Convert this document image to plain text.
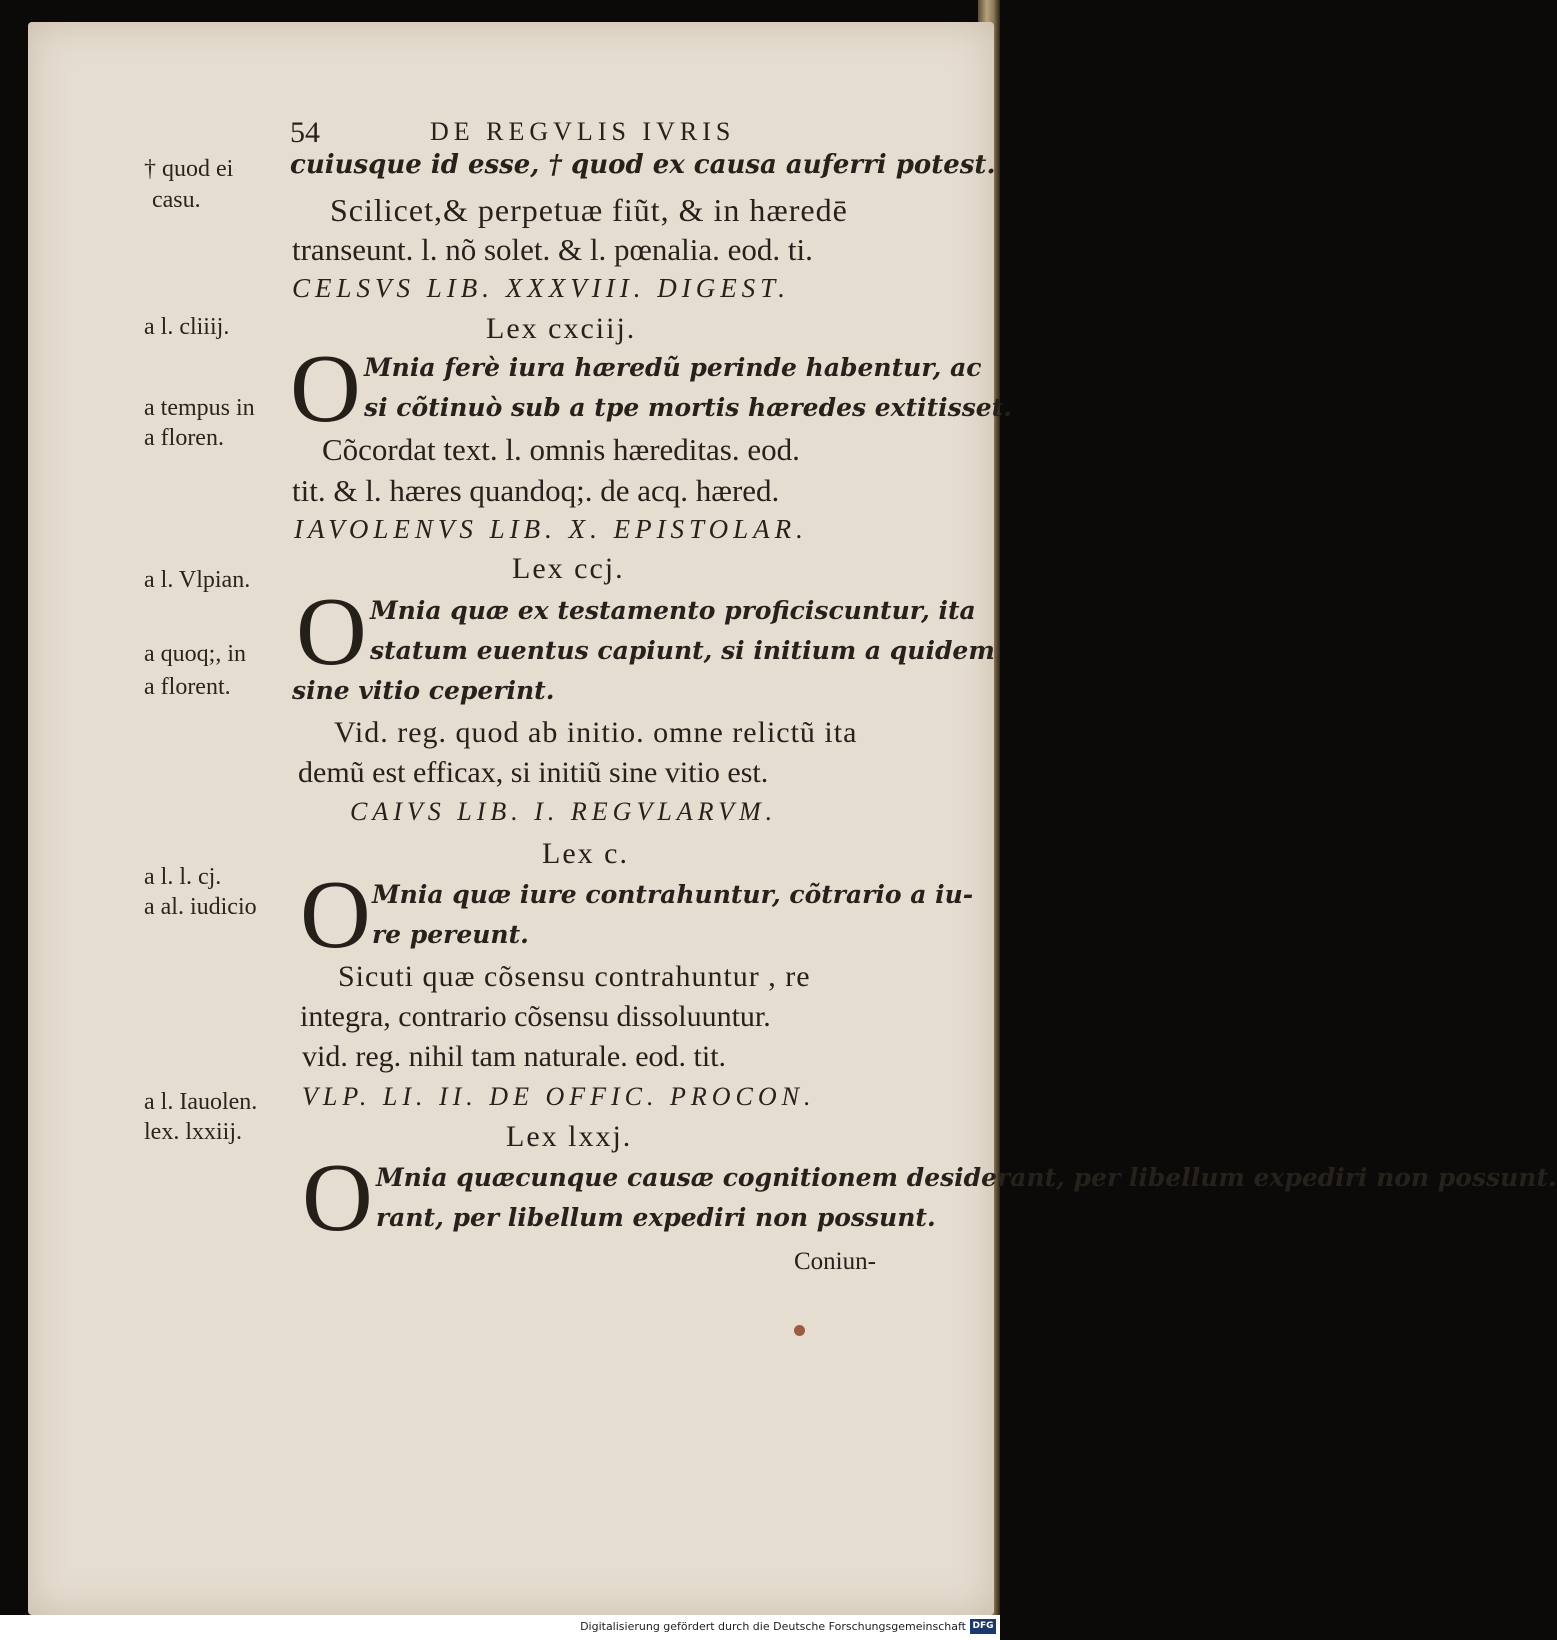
54	DE REGVLIS IVRIS
† quod ei
casu.
a l. cliiij.
a tempus in
a floren.
a l. Vlpian.
a quoq;, in
a florent.
a l. l. cj.
a al. iudicio
a l. Iauolen.
lex. lxxiij.
cuiusque id esse, † quod ex causa auferri potest.
Scilicet,& perpetuæ fiũt, & in hæredē
transeunt. l. nõ solet. & l. pœnalia. eod. ti.
CELSVS LIB. XXXVIII. DIGEST.
Lex cxciij.
O Mnia ferè iura hæredũ perinde habentur, ac
si cõtinuò sub a tpe mortis hæredes extitisset.
Cõcordat text. l. omnis hæreditas. eod.
tit. & l. hæres quandoq;. de acq. hæred.
IAVOLENVS LIB. X. EPISTOLAR.
Lex ccj.
O Mnia quæ ex testamento proficiscuntur, ita
statum euentus capiunt, si initium a quidem
sine vitio ceperint.
Vid. reg. quod ab initio. omne relictũ ita
demũ est efficax, si initiũ sine vitio est.
CAIVS LIB. I. REGVLARVM.
Lex c.
O Mnia quæ iure contrahuntur, cõtrario a iu-
re pereunt.
Sicuti quæ cõsensu contrahuntur , re
integra, contrario cõsensu dissoluuntur.
vid. reg. nihil tam naturale. eod. tit.
VLP. LI. II. DE OFFIC. PROCON.
Lex lxxj.
O Mnia quæcunque causæ cognitionem desiderant, per libellum expediri non possunt.
rant, per libellum expediri non possunt.
Coniun-
Digitalisierung gefördert durch die Deutsche Forschungsgemeinschaft DFG
